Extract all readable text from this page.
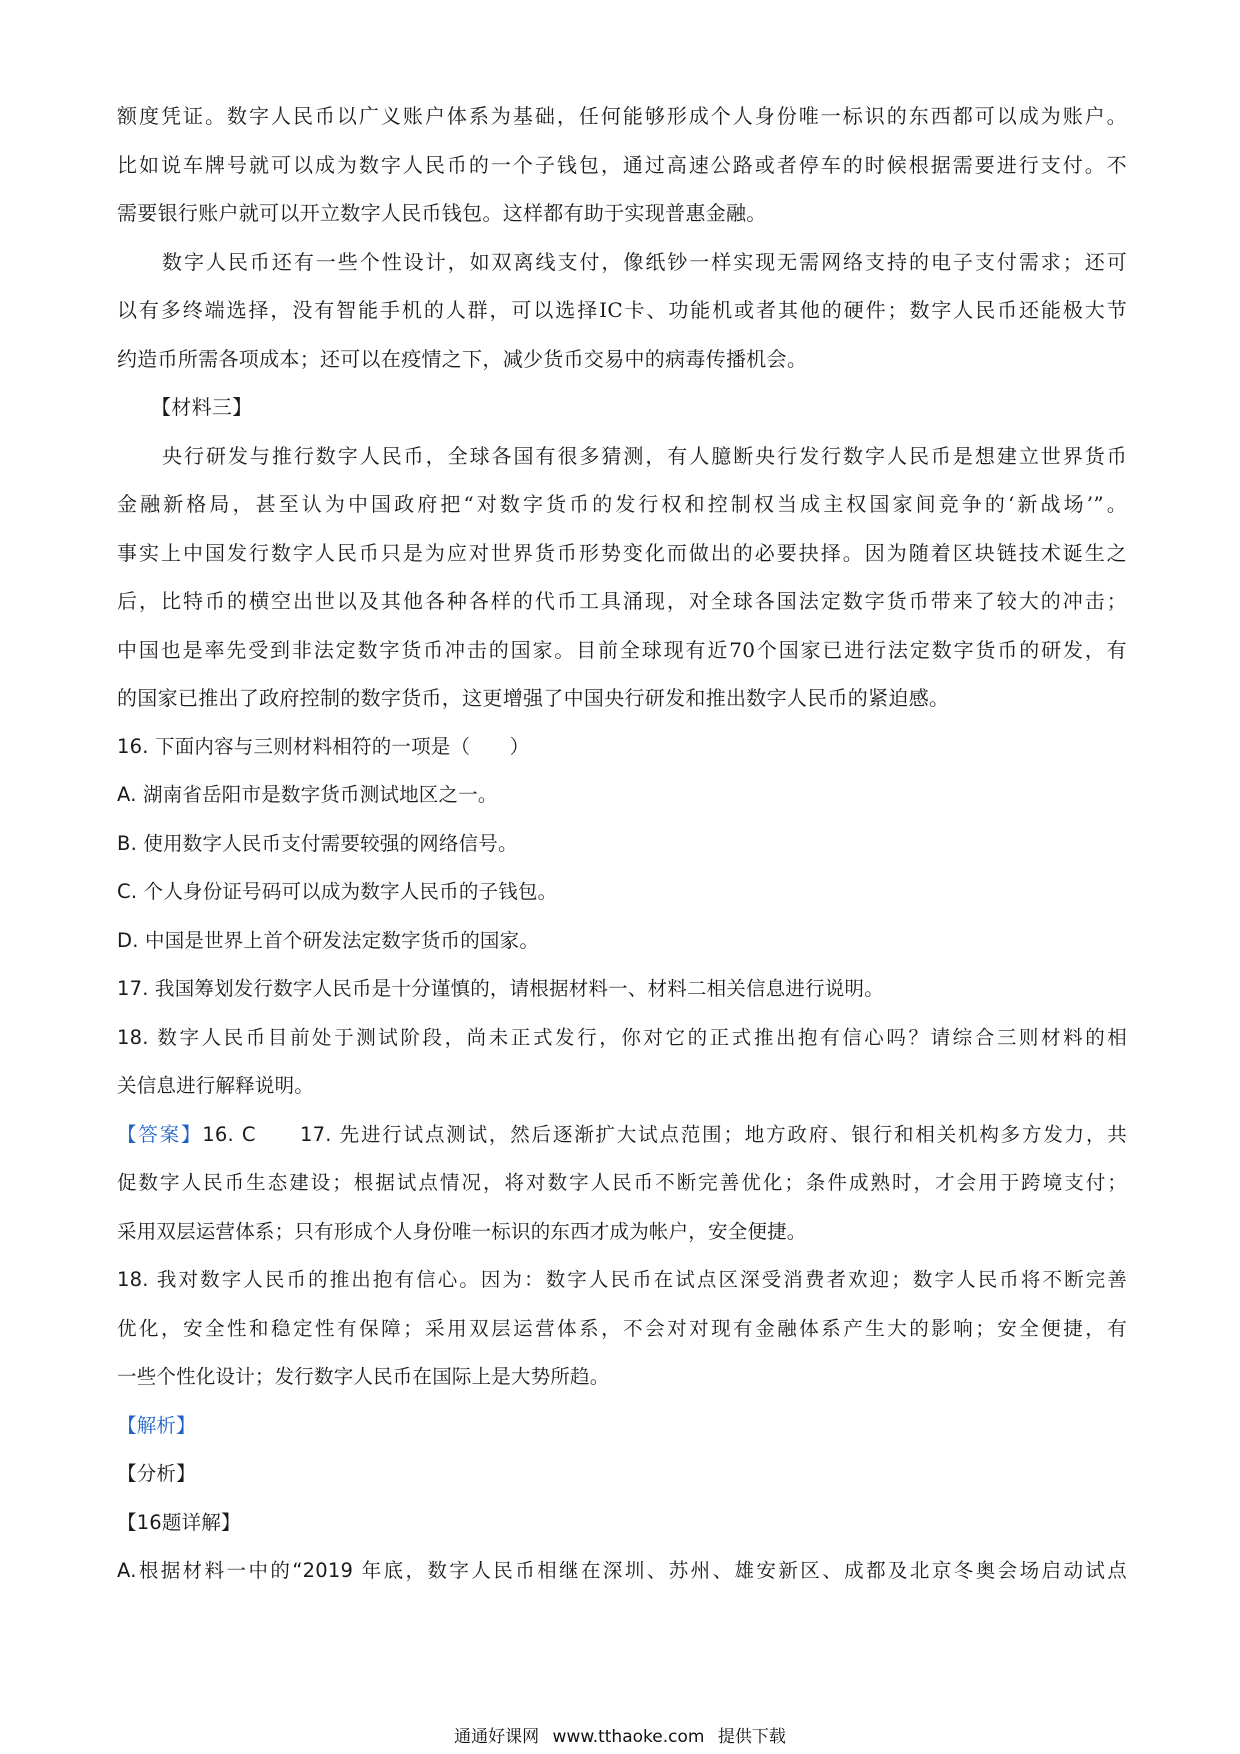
额度凭证。数字人民币以广义账户体系为基础，任何能够形成个人身份唯一标识的东西都可以成为账户。
比如说车牌号就可以成为数字人民币的一个子钱包，通过高速公路或者停车的时候根据需要进行支付。不
需要银行账户就可以开立数字人民币钱包。这样都有助于实现普惠金融。
数字人民币还有一些个性设计，如双离线支付，像纸钞一样实现无需网络支持的电子支付需求；还可
以有多终端选择，没有智能手机的人群，可以选择IC卡、功能机或者其他的硬件；数字人民币还能极大节
约造币所需各项成本；还可以在疫情之下，减少货币交易中的病毒传播机会。
【材料三】
央行研发与推行数字人民币，全球各国有很多猜测，有人臆断央行发行数字人民币是想建立世界货币
金融新格局，甚至认为中国政府把“对数字货币的发行权和控制权当成主权国家间竞争的‘新战场’”。
事实上中国发行数字人民币只是为应对世界货币形势变化而做出的必要抉择。因为随着区块链技术诞生之
后，比特币的横空出世以及其他各种各样的代币工具涌现，对全球各国法定数字货币带来了较大的冲击；
中国也是率先受到非法定数字货币冲击的国家。目前全球现有近70个国家已进行法定数字货币的研发，有
的国家已推出了政府控制的数字货币，这更增强了中国央行研发和推出数字人民币的紧迫感。
16. 下面内容与三则材料相符的一项是（　　）
A. 湖南省岳阳市是数字货币测试地区之一。
B. 使用数字人民币支付需要较强的网络信号。
C. 个人身份证号码可以成为数字人民币的子钱包。
D. 中国是世界上首个研发法定数字货币的国家。
17. 我国筹划发行数字人民币是十分谨慎的，请根据材料一、材料二相关信息进行说明。
18. 数字人民币目前处于测试阶段，尚未正式发行，你对它的正式推出抱有信心吗？请综合三则材料的相
关信息进行解释说明。
【答案】16. C　　17. 先进行试点测试，然后逐渐扩大试点范围；地方政府、银行和相关机构多方发力，共
促数字人民币生态建设；根据试点情况，将对数字人民币不断完善优化；条件成熟时，才会用于跨境支付；
采用双层运营体系；只有形成个人身份唯一标识的东西才成为帐户，安全便捷。
18. 我对数字人民币的推出抱有信心。因为：数字人民币在试点区深受消费者欢迎；数字人民币将不断完善
优化，安全性和稳定性有保障；采用双层运营体系，不会对对现有金融体系产生大的影响；安全便捷，有
一些个性化设计；发行数字人民币在国际上是大势所趋。
【解析】
【分析】
【16题详解】
A.根据材料一中的“2019 年底，数字人民币相继在深圳、苏州、雄安新区、成都及北京冬奥会场启动试点
通通好课网 www.tthaoke.com 提供下载
